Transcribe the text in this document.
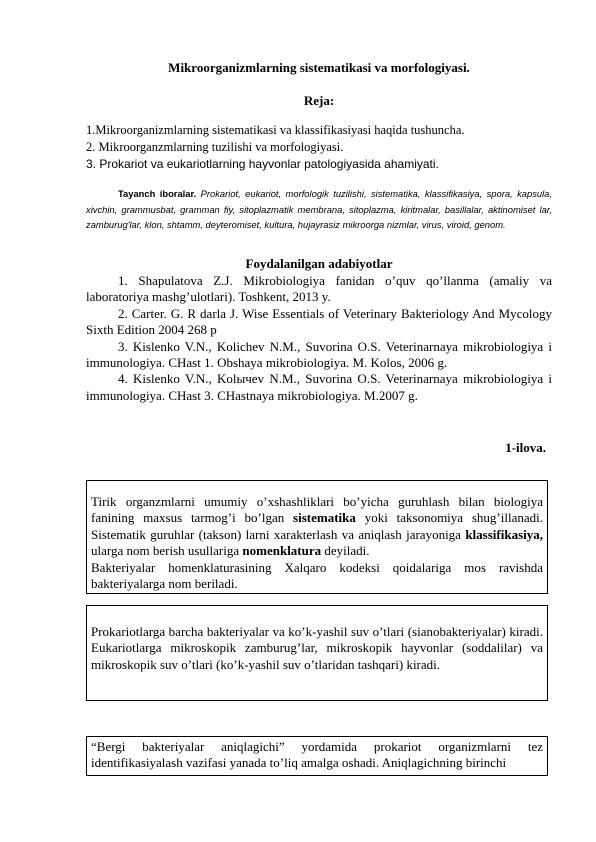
Mikroorganizmlarning sistematikasi va morfologiyasi.
Reja:
1.Mikroorganizmlarning sistematikasi va klassifikasiyasi haqida tushuncha.
2. Mikroorganzmlarning tuzilishi va morfologiyasi.
3. Prokariot va eukariotlarning hayvonlar patologiyasida ahamiyati.
Tayanch iboralar. Prokariot, eukariot, morfologik tuzilishi, sistematika, klassifikasiya, spora, kapsula, xivchin, grammusbat, gramman fiy, sitoplazmatik membrana, sitoplazma, kiritmalar, basillalar, aktinomiset lar, zamburug'lar, klon, shtamm, deyteromiset, kultura, hujayrasiz mikroorga nizmlar, virus, viroid, genom.
Foydalanilgan adabiyotlar

1. Shapulatova Z.J. Mikrobiologiya fanidan o’quv qo’llanma (amaliy va laboratoriya mashg’ulotlari). Toshkent, 2013 y.

2. Carter. G. R darla J. Wise Essentials of Veterinary Bakteriology And Mycology Sixth Edition 2004 268 p

3. Kislenko V.N., Kolichev N.M., Suvorina O.S. Veterinarnaya mikrobiologiya i immunologiya. CHast 1. Obshaya mikrobiologiya. M. Kolos, 2006 g.

4. Kislenko V.N., Kolычev N.M., Suvorina O.S. Veterinarnaya mikrobiologiya i immunologiya. CHast 3. CHastnaya mikrobiologiya. M.2007 g.

1-ilova.
Tirik organzmlarni umumiy o’xshashliklari bo’yicha guruhlash bilan biologiya fanining maxsus tarmog’i bo’lgan sistematika yoki taksonomiya shug’illanadi. Sistematik guruhlar (takson) larni xarakterlash va aniqlash jarayoniga klassifikasiya, ularga nom berish usullariga nomenklatura deyiladi.
Bakteriyalar homenklaturasining Xalqaro kodeksi qoidalariga mos ravishda bakteriyalarga nom beriladi.
Prokariotlarga barcha bakteriyalar va ko’k-yashil suv o’tlari (sianobakteriyalar) kiradi. Eukariotlarga mikroskopik zamburug’lar, mikroskopik hayvonlar (soddalilar) va mikroskopik suv o’tlari (ko’k-yashil suv o’tlaridan tashqari) kiradi.
“Bergi bakteriyalar aniqlagichi” yordamida prokariot organizmlarni tez identifikasiyalash vazifasi yanada to’liq amalga oshadi. Aniqlagichning birinchi
